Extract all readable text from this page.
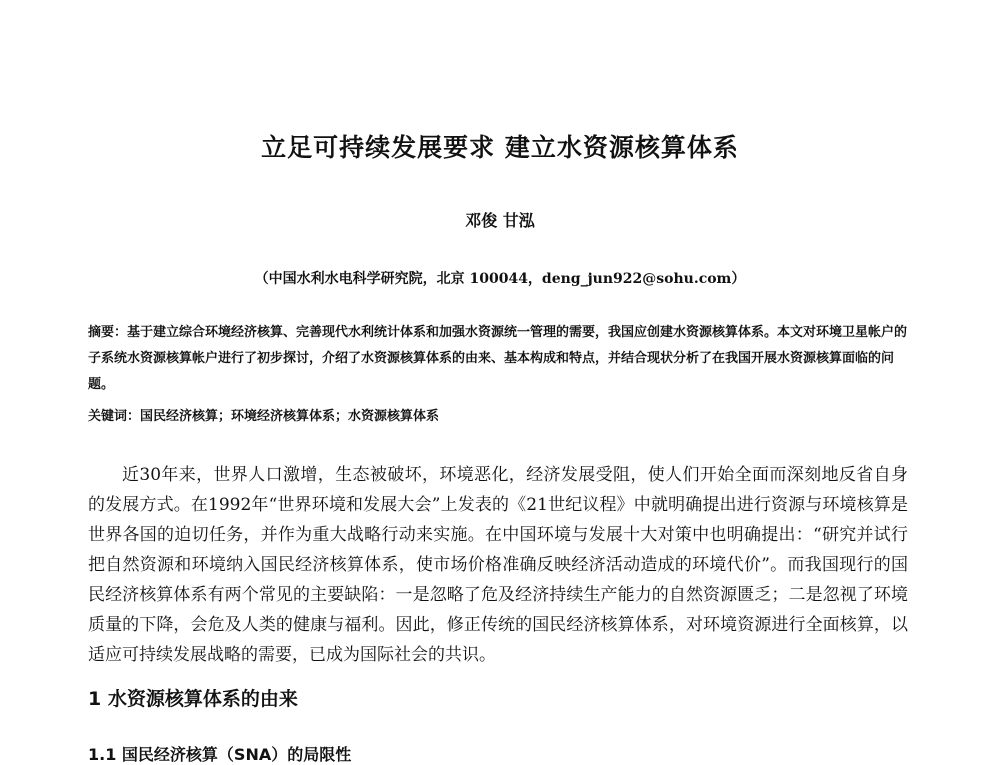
立足可持续发展要求 建立水资源核算体系
邓俊 甘泓
（中国水利水电科学研究院，北京 100044，deng_jun922@sohu.com）
摘要：基于建立综合环境经济核算、完善现代水利统计体系和加强水资源统一管理的需要，我国应创建水资源核算体系。本文对环境卫星帐户的子系统水资源核算帐户进行了初步探讨，介绍了水资源核算体系的由来、基本构成和特点，并结合现状分析了在我国开展水资源核算面临的问题。
关键词：国民经济核算；环境经济核算体系；水资源核算体系
近30年来，世界人口激增，生态被破坏，环境恶化，经济发展受阻，使人们开始全面而深刻地反省自身的发展方式。在1992年“世界环境和发展大会”上发表的《21世纪议程》中就明确提出进行资源与环境核算是世界各国的迫切任务，并作为重大战略行动来实施。在中国环境与发展十大对策中也明确提出：“研究并试行把自然资源和环境纳入国民经济核算体系，使市场价格准确反映经济活动造成的环境代价”。而我国现行的国民经济核算体系有两个常见的主要缺陷：一是忽略了危及经济持续生产能力的自然资源匮乏；二是忽视了环境质量的下降，会危及人类的健康与福利。因此，修正传统的国民经济核算体系，对环境资源进行全面核算，以适应可持续发展战略的需要，已成为国际社会的共识。
1 水资源核算体系的由来
1.1 国民经济核算（SNA）的局限性
